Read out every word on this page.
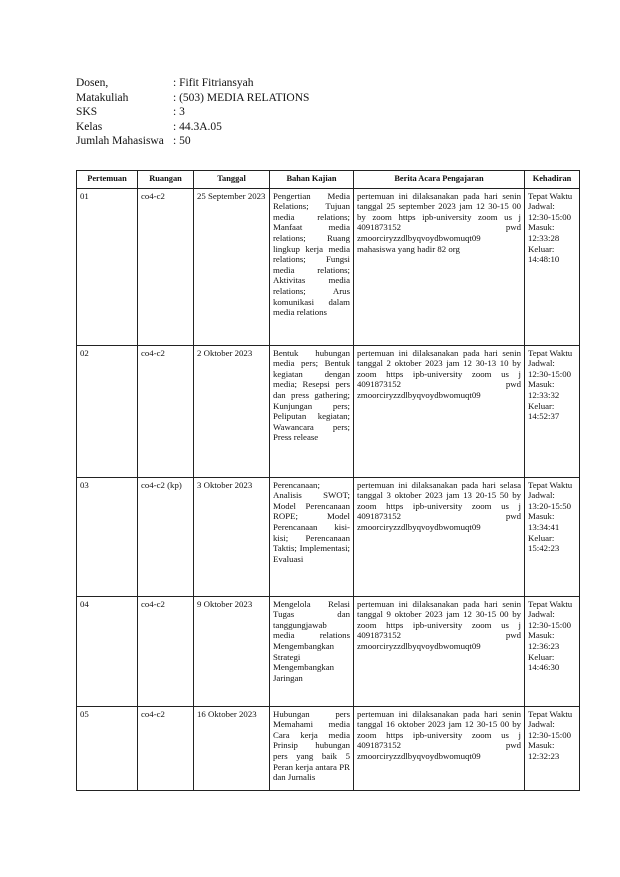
Dosen,	: Fifit Fitriansyah
Matakuliah	: (503) MEDIA RELATIONS
SKS	: 3
Kelas	: 44.3A.05
Jumlah Mahasiswa : 50
Pertemuan	Ruangan	Tanggal	Bahan Kajian	Berita Acara Pengajaran	Kehadiran
01	co4-c2	25 September 2023	Pengertian Media Relations; Tujuan media relations; Manfaat media relations; Ruang lingkup kerja media relations; Fungsi media relations; Aktivitas media relations; Arus komunikasi dalam media relations	pertemuan ini dilaksanakan pada hari senin tanggal 25 september 2023 jam 12 30-15 00 by zoom https ipb-university zoom us j 4091873152 pwd zmoorciryzzdlbyqvoydbwomuqt09 mahasiswa yang hadir 82 org	Tepat Waktu Jadwal: 12:30-15:00 Masuk: 12:33:28 Keluar: 14:48:10
02	co4-c2	2 Oktober 2023	Bentuk hubungan media pers; Bentuk kegiatan dengan media; Resepsi pers dan press gathering; Kunjungan pers; Peliputan kegiatan; Wawancara pers; Press release	pertemuan ini dilaksanakan pada hari senin tanggal 2 oktober 2023 jam 12 30-13 10 by zoom https ipb-university zoom us j 4091873152 pwd zmoorciryzzdlbyqvoydbwomuqt09	Tepat Waktu Jadwal: 12:30-15:00 Masuk: 12:33:32 Keluar: 14:52:37
03	co4-c2 (kp)	3 Oktober 2023	Perencanaan; Analisis SWOT; Model Perencanaan ROPE; Model Perencanaan kisi-kisi; Perencanaan Taktis; Implementasi; Evaluasi	pertemuan ini dilaksanakan pada hari selasa tanggal 3 oktober 2023 jam 13 20-15 50 by zoom https ipb-university zoom us j 4091873152 pwd zmoorciryzzdlbyqvoydbwomuqt09	Tepat Waktu Jadwal: 13:20-15:50 Masuk: 13:34:41 Keluar: 15:42:23
04	co4-c2	9 Oktober 2023	Mengelola Relasi Tugas dan tanggungjawab media relations Mengembangkan Strategi Mengembangkan Jaringan	pertemuan ini dilaksanakan pada hari senin tanggal 9 oktober 2023 jam 12 30-15 00 by zoom https ipb-university zoom us j 4091873152 pwd zmoorciryzzdlbyqvoydbwomuqt09	Tepat Waktu Jadwal: 12:30-15:00 Masuk: 12:36:23 Keluar: 14:46:30
05	co4-c2	16 Oktober 2023	Hubungan pers Memahami media Cara kerja media Prinsip hubungan pers yang baik 5 Peran kerja antara PR dan Jurnalis	pertemuan ini dilaksanakan pada hari senin tanggal 16 oktober 2023 jam 12 30-15 00 by zoom https ipb-university zoom us j 4091873152 pwd zmoorciryzzdlbyqvoydbwomuqt09	Tepat Waktu Jadwal: 12:30-15:00 Masuk: 12:32:23
